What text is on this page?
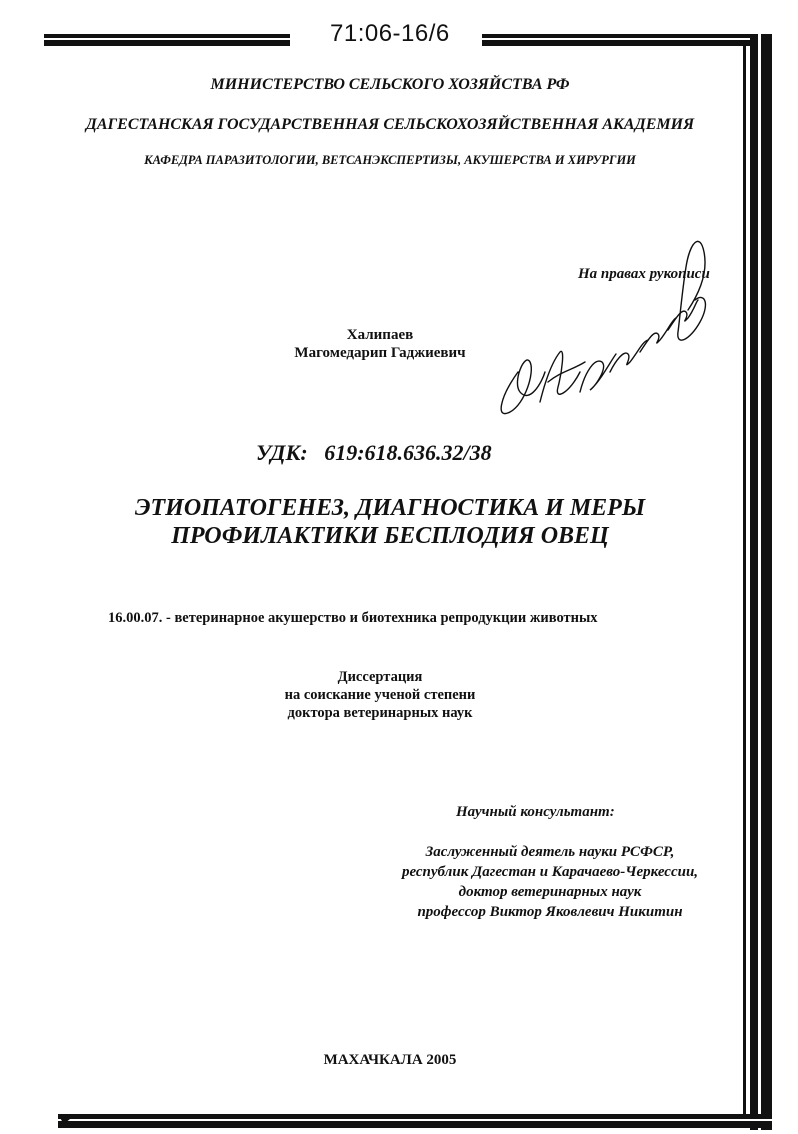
71:06-16/6
МИНИСТЕРСТВО СЕЛЬСКОГО ХОЗЯЙСТВА РФ
ДАГЕСТАНСКАЯ ГОСУДАРСТВЕННАЯ СЕЛЬСКОХОЗЯЙСТВЕННАЯ АКАДЕМИЯ
КАФЕДРА ПАРАЗИТОЛОГИИ, ВЕТСАНЭКСПЕРТИЗЫ, АКУШЕРСТВА И ХИРУРГИИ
На правах рукописи
Халипаев
Магомедарип Гаджиевич
УДК:   619:618.636.32/38
ЭТИОПАТОГЕНЕЗ, ДИАГНОСТИКА И МЕРЫ
ПРОФИЛАКТИКИ БЕСПЛОДИЯ ОВЕЦ
16.00.07. - ветеринарное акушерство и биотехника репродукции животных
Диссертация
на соискание ученой степени
доктора ветеринарных наук
Научный консультант:
Заслуженный деятель науки РСФСР,
республик Дагестан и Карачаево-Черкессии,
доктор ветеринарных наук
профессор Виктор Яковлевич Никитин
МАХАЧКАЛА 2005
